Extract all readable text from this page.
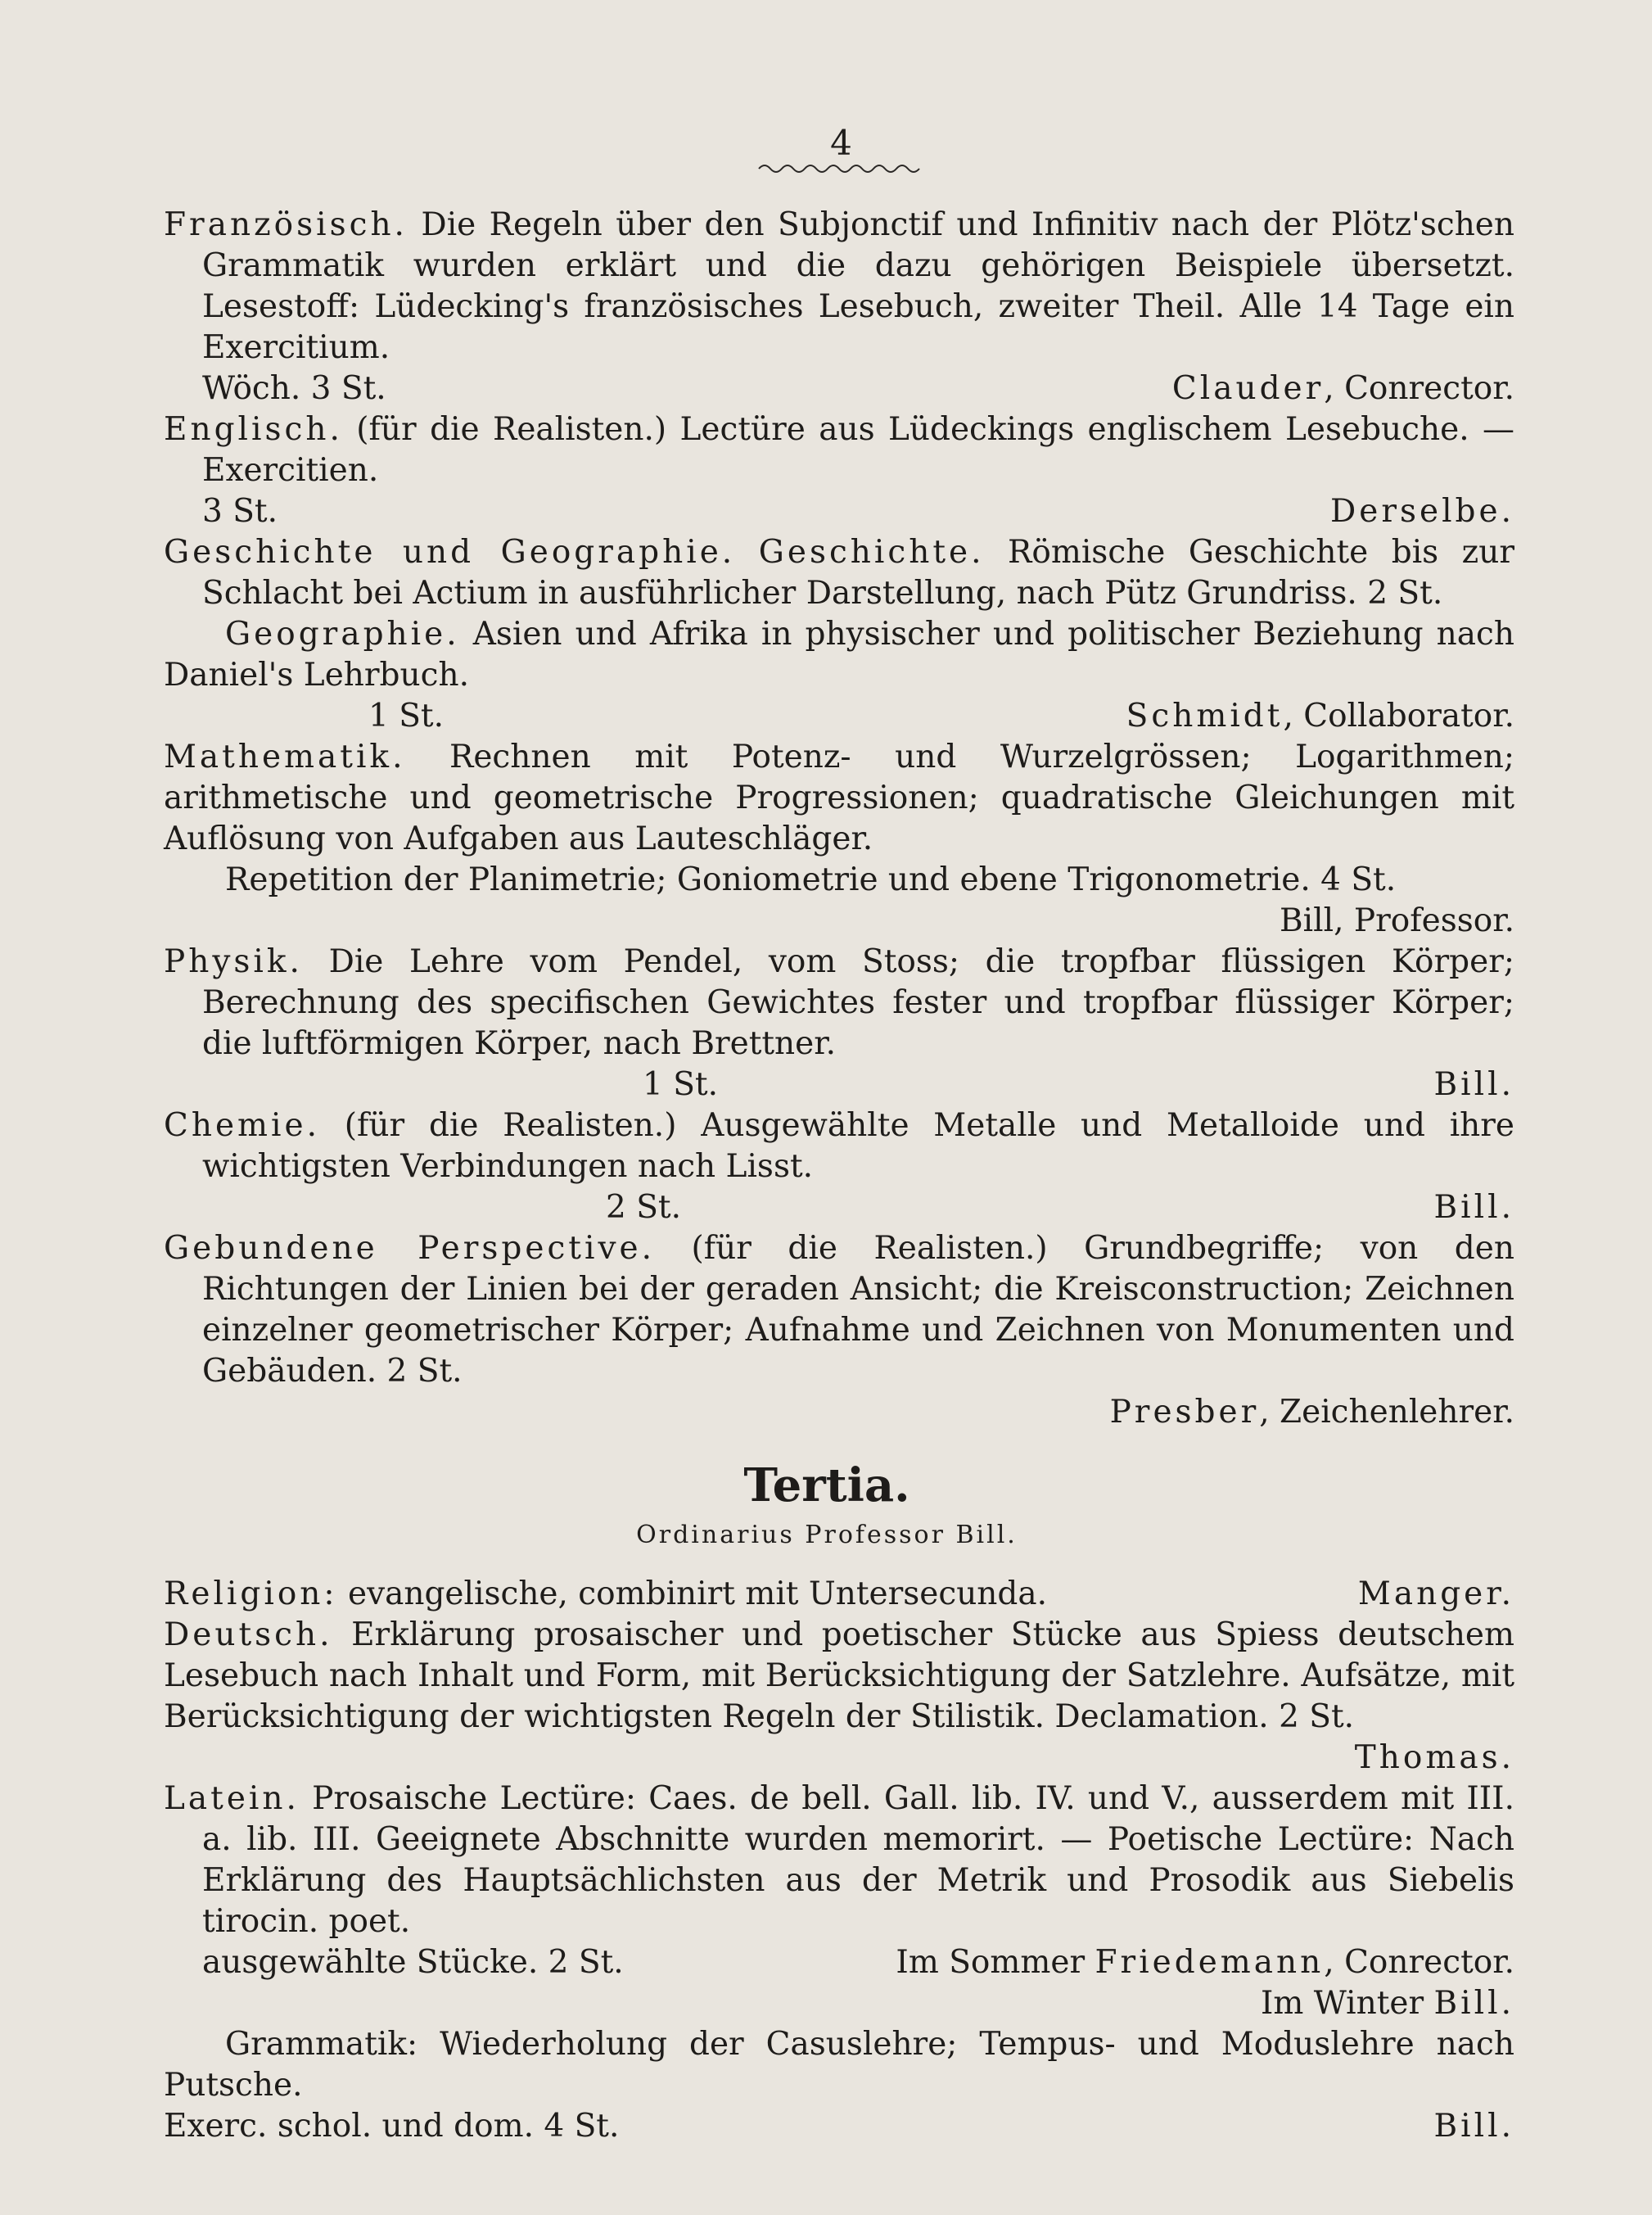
4

Französisch. Die Regeln über den Subjonctif und Infinitiv nach der Plötz'schen Grammatik wurden erklärt und die dazu gehörigen Beispiele übersetzt. Lesestoff: Lüdecking's französisches Lesebuch, zweiter Theil. Alle 14 Tage ein Exercitium.

Wöch. 3 St.	Clauder, Conrector.

Englisch. (für die Realisten.) Lectüre aus Lüdeckings englischem Lesebuche. — Exercitien.

3 St.	Derselbe.

Geschichte und Geographie. Geschichte. Römische Geschichte bis zur Schlacht bei Actium in ausführlicher Darstellung, nach Pütz Grundriss. 2 St.

Geographie. Asien und Afrika in physischer und politischer Beziehung nach Daniel's Lehrbuch.

1 St.	Schmidt, Collaborator.

Mathematik. Rechnen mit Potenz- und Wurzelgrössen; Logarithmen; arithmetische und geometrische Progressionen; quadratische Gleichungen mit Auflösung von Aufgaben aus Lauteschläger.

Repetition der Planimetrie; Goniometrie und ebene Trigonometrie. 4 St.

Bill, Professor.

Physik. Die Lehre vom Pendel, vom Stoss; die tropfbar flüssigen Körper; Berechnung des specifischen Gewichtes fester und tropfbar flüssiger Körper; die luftförmigen Körper, nach Brettner.

1 St.	Bill.

Chemie. (für die Realisten.) Ausgewählte Metalle und Metalloide und ihre wichtigsten Verbindungen nach Lisst.

2 St.	Bill.

Gebundene Perspective. (für die Realisten.) Grundbegriffe; von den Richtungen der Linien bei der geraden Ansicht; die Kreisconstruction; Zeichnen einzelner geometrischer Körper; Aufnahme und Zeichnen von Monumenten und Gebäuden. 2 St.

Presber, Zeichenlehrer.

Tertia.
Ordinarius Professor Bill.
Religion: evangelische, combinirt mit Untersecunda.	Manger.

Deutsch. Erklärung prosaischer und poetischer Stücke aus Spiess deutschem Lesebuch nach Inhalt und Form, mit Berücksichtigung der Satzlehre. Aufsätze, mit Berücksichtigung der wichtigsten Regeln der Stilistik. Declamation. 2 St.

Thomas.

Latein. Prosaische Lectüre: Caes. de bell. Gall. lib. IV. und V., ausserdem mit III. a. lib. III. Geeignete Abschnitte wurden memorirt. — Poetische Lectüre: Nach Erklärung des Hauptsächlichsten aus der Metrik und Prosodik aus Siebelis tirocin. poet.

ausgewählte Stücke. 2 St.	Im Sommer Friedemann, Conrector.

Im Winter Bill.

Grammatik: Wiederholung der Casuslehre; Tempus- und Moduslehre nach Putsche.

Exerc. schol. und dom. 4 St.	Bill.
